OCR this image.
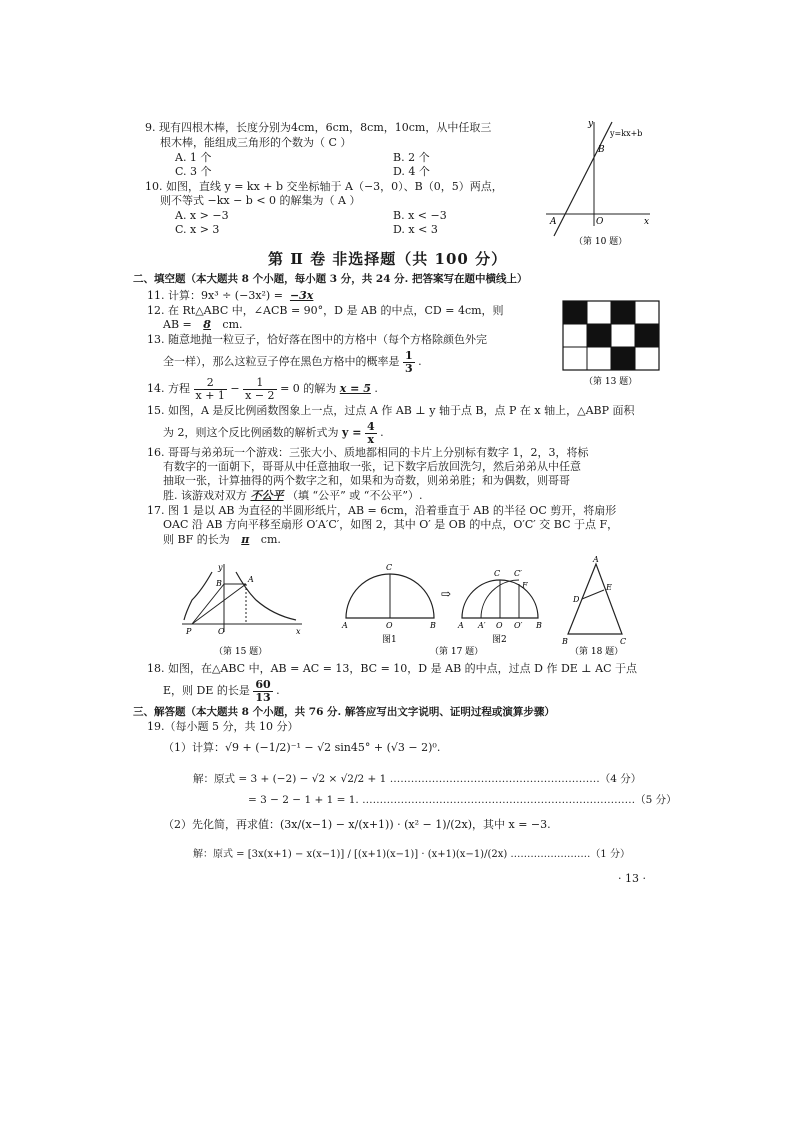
9. 现有四根木棒，长度分别为4cm，6cm，8cm，10cm，从中任取三
根木棒，能组成三角形的个数为（ C ）
A. 1 个	B. 2 个
C. 3 个	D. 4 个
10. 如图，直线 y = kx + b 交坐标轴于 A（−3，0）、B（0，5）两点，
则不等式 −kx − b < 0 的解集为（ A ）
A. x > −3	B. x < −3
C. x > 3	D. x < 3
y=kx+b
y
x
B
A	O
（第 10 题）
第 Ⅱ 卷 非选择题（共 100 分）
二、填空题（本大题共 8 个小题，每小题 3 分，共 24 分. 把答案写在题中横线上）
11. 计算：9x³ ÷ (−3x²) = −3x
12. 在 Rt△ABC 中，∠ACB = 90°，D 是 AB 的中点，CD = 4cm，则
AB = 8 cm.
（第 13 题）
13. 随意地抛一粒豆子，恰好落在图中的方格中（每个方格除颜色外完
全一样），那么这粒豆子停在黑色方格中的概率是 $\frac{1}{3}$ .
14. 方程 $\frac{2}{x + 1} - \frac{1}{x - 2} = 0$ 的解为 x = 5 .
15. 如图，A 是反比例函数图象上一点，过点 A 作 AB ⊥ y 轴于点 B，点 P 在 x 轴上，△ABP 面积
为 2，则这个反比例函数的解析式为 $y = \frac{4}{x}$ .
16. 哥哥与弟弟玩一个游戏：三张大小、质地都相同的卡片上分别标有数字 1，2，3，将标
有数字的一面朝下，哥哥从中任意抽取一张，记下数字后放回洗匀，然后弟弟从中任意
抽取一张，计算抽得的两个数字之和，如果和为奇数，则弟弟胜；和为偶数，则哥哥
胜. 该游戏对双方 不公平 （填 “公平” 或 “不公平”）.
17. 图 1 是以 AB 为直径的半圆形纸片，AB = 6cm，沿着垂直于 AB 的半径 OC 剪开，将扇形
OAC 沿 AB 方向平移至扇形 O′A′C′，如图 2，其中 O′ 是 OB 的中点，O′C′ 交 BC 于点 F，
则 BF 的长为 π cm.
y
x
B	A
P	O
（第 15 题）
A	O	B
C
图1
⇨
A A′ O O′ B
C C′
F
图2
（第 17 题）
A
B	C
D
E
（第 18 题）
18. 如图，在△ABC 中，AB = AC = 13，BC = 10，D 是 AB 的中点，过点 D 作 DE ⊥ AC 于点
E，则 DE 的长是 $\frac{60}{13}$ .
三、解答题（本大题共 8 个小题，共 76 分. 解答应写出文字说明、证明过程或演算步骤）
19.（每小题 5 分，共 10 分）
（1）计算：√9 + (−1/2)⁻¹ − √2 sin45° + (√3 − 2)⁰.
解：原式 = 3 + (−2) − √2 × √2/2 + 1 ……………………………………………………（4 分）
= 3 − 2 − 1 + 1 = 1. ……………………………………………………………………（5 分）
（2）先化简，再求值：(3x/(x−1) − x/(x+1)) · (x² − 1)/(2x)，其中 x = −3.
解：原式 = [3x(x+1) − x(x−1)] / [(x+1)(x−1)] · (x+1)(x−1)/(2x) ……………………（1 分）
· 13 ·
